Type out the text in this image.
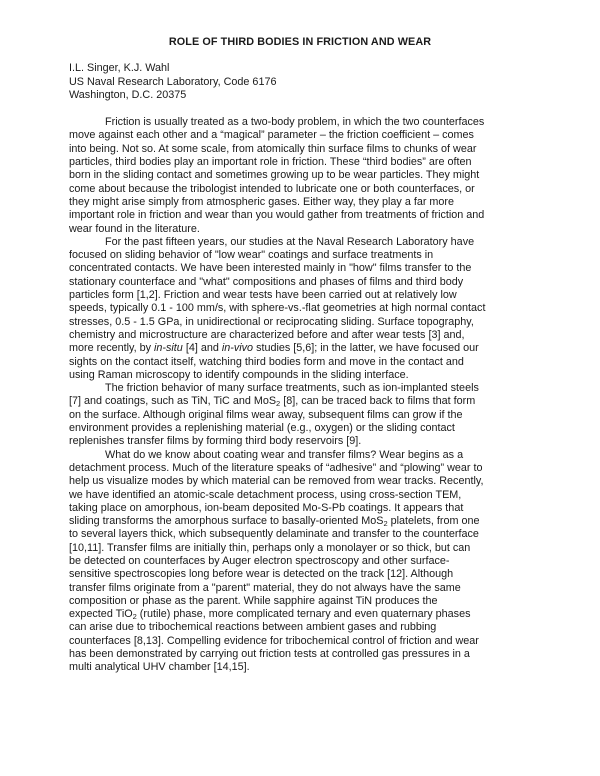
ROLE OF THIRD BODIES IN FRICTION AND WEAR
I.L. Singer, K.J. Wahl
US Naval Research Laboratory, Code 6176
Washington, D.C. 20375

Friction is usually treated as a two-body problem, in which the two counterfaces
move against each other and a “magical” parameter – the friction coefficient – comes
into being. Not so. At some scale, from atomically thin surface films to chunks of wear
particles, third bodies play an important role in friction. These “third bodies” are often
born in the sliding contact and sometimes growing up to be wear particles. They might
come about because the tribologist intended to lubricate one or both counterfaces, or
they might arise simply from atmospheric gases. Either way, they play a far more
important role in friction and wear than you would gather from treatments of friction and
wear found in the literature.

For the past fifteen years, our studies at the Naval Research Laboratory have
focused on sliding behavior of "low wear" coatings and surface treatments in
concentrated contacts. We have been interested mainly in "how" films transfer to the
stationary counterface and "what" compositions and phases of films and third body
particles form [1,2]. Friction and wear tests have been carried out at relatively low
speeds, typically 0.1 - 100 mm/s, with sphere-vs.-flat geometries at high normal contact
stresses, 0.5 - 1.5 GPa, in unidirectional or reciprocating sliding. Surface topography,
chemistry and microstructure are characterized before and after wear tests [3] and,
more recently, by in-situ [4] and in-vivo studies [5,6]; in the latter, we have focused our
sights on the contact itself, watching third bodies form and move in the contact and
using Raman microscopy to identify compounds in the sliding interface.

The friction behavior of many surface treatments, such as ion-implanted steels
[7] and coatings, such as TiN, TiC and MoS$_2$ [8], can be traced back to films that form
on the surface. Although original films wear away, subsequent films can grow if the
environment provides a replenishing material (e.g., oxygen) or the sliding contact
replenishes transfer films by forming third body reservoirs [9].

What do we know about coating wear and transfer films? Wear begins as a
detachment process. Much of the literature speaks of “adhesive” and “plowing” wear to
help us visualize modes by which material can be removed from wear tracks. Recently,
we have identified an atomic-scale detachment process, using cross-section TEM,
taking place on amorphous, ion-beam deposited Mo-S-Pb coatings. It appears that
sliding transforms the amorphous surface to basally-oriented MoS$_2$ platelets, from one
to several layers thick, which subsequently delaminate and transfer to the counterface
[10,11]. Transfer films are initially thin, perhaps only a monolayer or so thick, but can
be detected on counterfaces by Auger electron spectroscopy and other surface-
sensitive spectroscopies long before wear is detected on the track [12]. Although
transfer films originate from a "parent" material, they do not always have the same
composition or phase as the parent. While sapphire against TiN produces the
expected TiO$_2$ (rutile) phase, more complicated ternary and even quaternary phases
can arise due to tribochemical reactions between ambient gases and rubbing
counterfaces [8,13]. Compelling evidence for tribochemical control of friction and wear
has been demonstrated by carrying out friction tests at controlled gas pressures in a
multi analytical UHV chamber [14,15].
